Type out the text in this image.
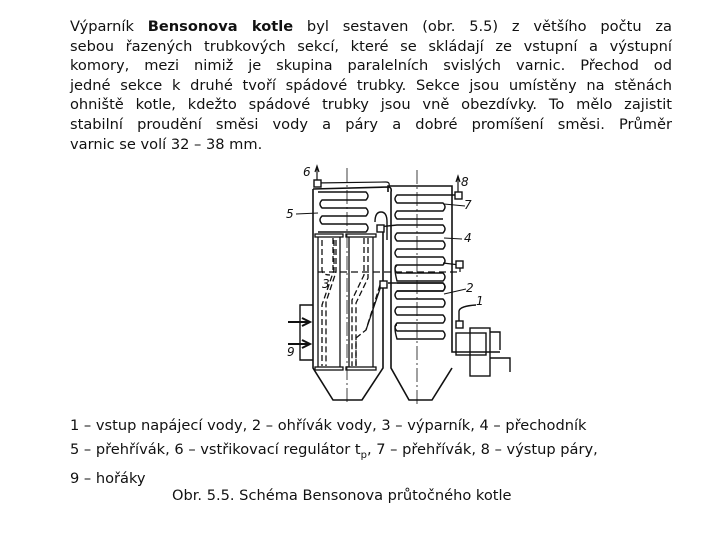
Výparník Bensonova kotle byl sestaven (obr. 5.5) z většího počtu za
sebou řazených trubkových sekcí, které se skládají ze vstupní a výstupní
komory, mezi nimiž je skupina paralelních svislých varnic. Přechod od
jedné sekce k druhé tvoří spádové trubky. Sekce jsou umístěny na stěnách
ohniště kotle, kdežto spádové trubky jsou vně obezdívky. To mělo zajistit
stabilní proudění směsi vody a páry a dobré promíšení směsi. Průměr
varnic se volí 32 – 38 mm.
1
2
3
4
5
6
7
8
9
1 – vstup napájecí vody, 2 – ohřívák vody, 3 – výparník, 4 – přechodník
5 – přehřívák, 6 – vstřikovací regulátor $t_p$, 7 – přehřívák, 8 – výstup páry,
9 – hořáky
Obr. 5.5. Schéma Bensonova průtočného kotle
